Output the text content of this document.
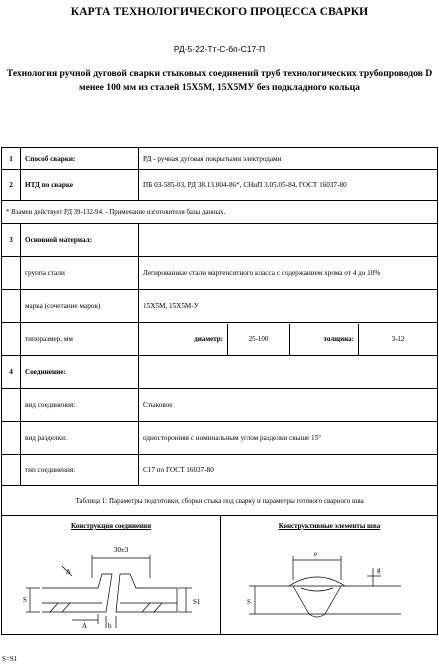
КАРТА ТЕХНОЛОГИЧЕСКОГО ПРОЦЕССА СВАРКИ
РД-5-22-Тт-С-бп-С17-П
Технология ручной дуговой сварки стыковых соединений труб технологических трубопроводов D менее 100 мм из сталей 15Х5М, 15Х5МУ без подкладного кольца
1	Способ сварки:	РД - ручная дуговая покрытыми электродами
2	НТД по сварке	ПБ 03-585-03, РД 38.13.004-86*, СНиП 3.05.05-84, ГОСТ 16037-80
* Взамен действует РД 39-132-94. - Примечание изготовителя базы данных.
3	Основной материал:	
	группа стали	Легированные стали мартенситного класса с содержанием хрома от 4 до 10%
	марка (сочетание марок)	15Х5М, 15Х5М-У
	типоразмер, мм		диаметр:	25-100	толщина:	3-12

4	Соединение:	
	вид соединения:	Стыковое
	вид разделки:	односторонняя с номинальным углом разделки свыше 15°
	тип соединения:	С17 по ГОСТ 16037-80
Таблица 1: Параметры подготовки, сборки стыка под сварку и параметры готового сварного шва

Конструкция соединения
30±3
S	S1
A	b
Δ
Конструктивные элементы шва
e
S
g
S=S1
